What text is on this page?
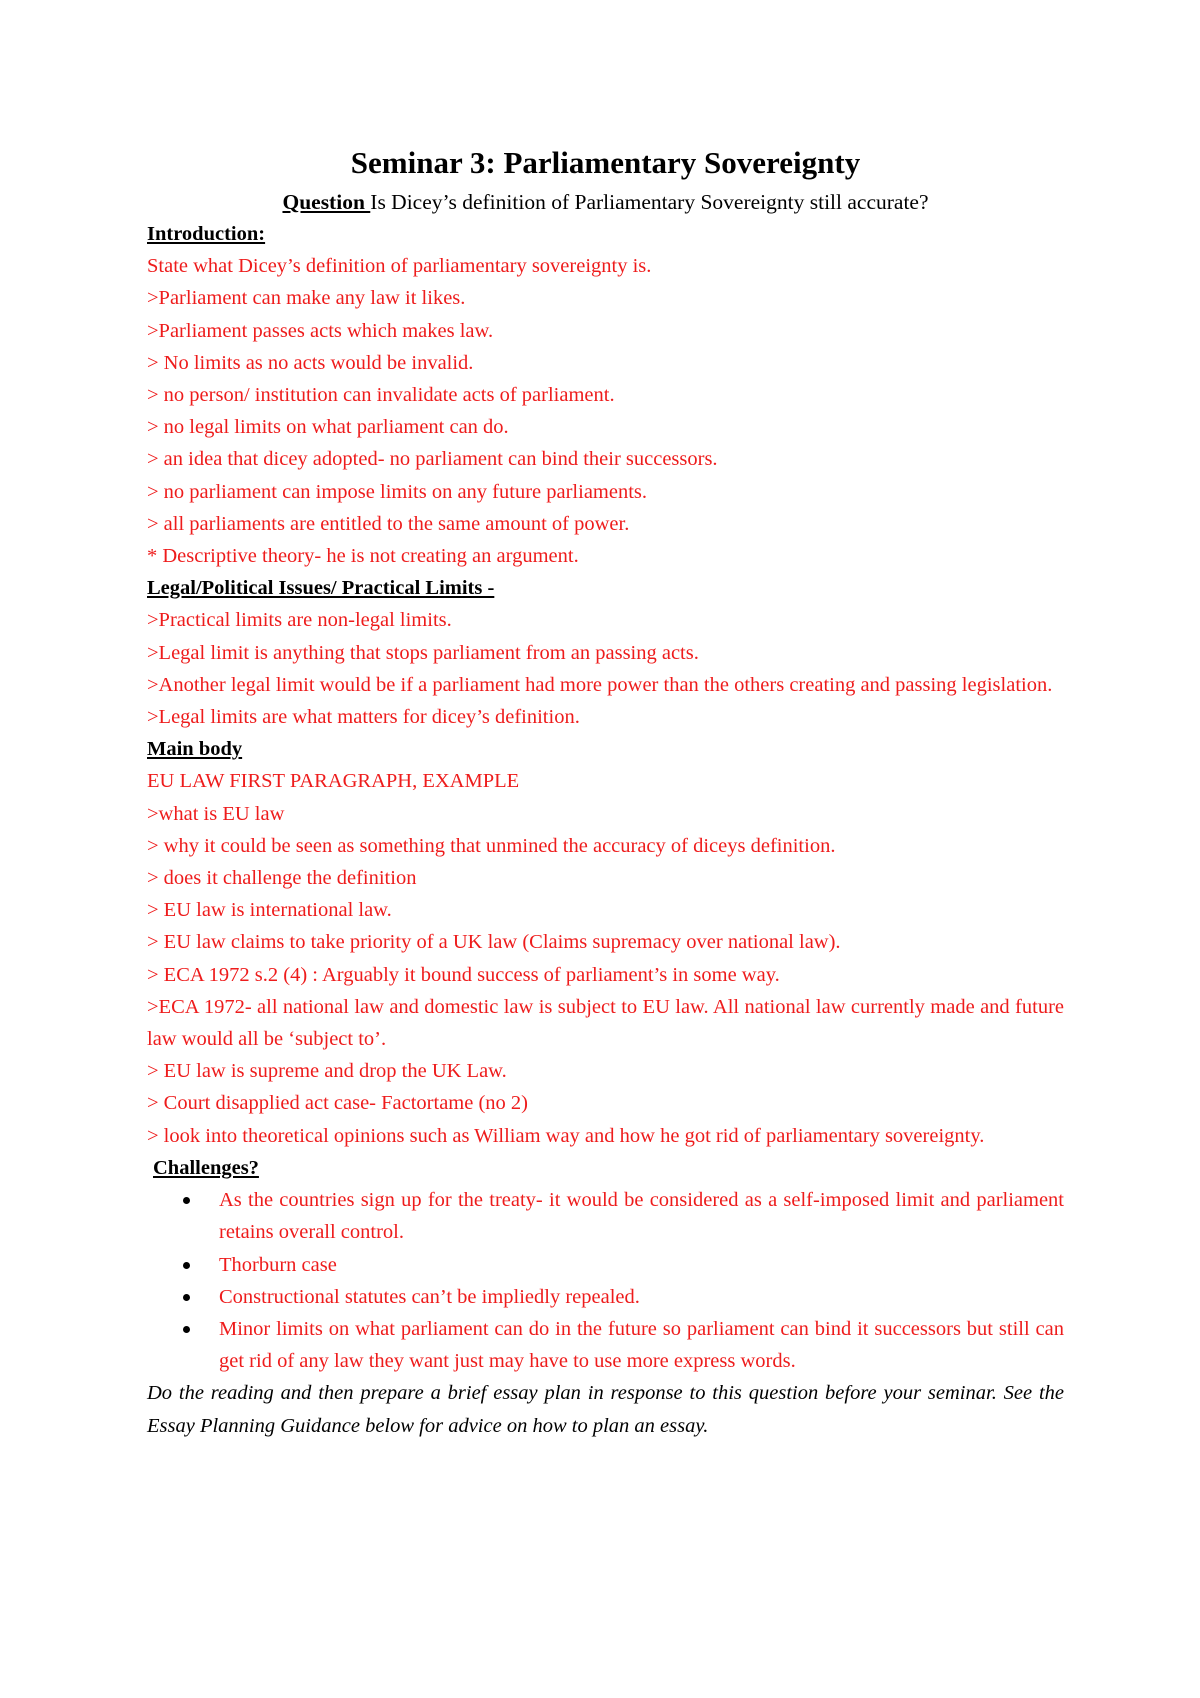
Seminar 3: Parliamentary Sovereignty
Question Is Dicey’s definition of Parliamentary Sovereignty still accurate?
Introduction:
State what Dicey’s definition of parliamentary sovereignty is.
>Parliament can make any law it likes.
>Parliament passes acts which makes law.
> No limits as no acts would be invalid.
> no person/ institution can invalidate acts of parliament.
> no legal limits on what parliament can do.
> an idea that dicey adopted- no parliament can bind their successors.
> no parliament can impose limits on any future parliaments.
> all parliaments are entitled to the same amount of power.
* Descriptive theory- he is not creating an argument.
Legal/Political Issues/ Practical Limits -
>Practical limits are non-legal limits.
>Legal limit is anything that stops parliament from an passing acts.
>Another legal limit would be if a parliament had more power than the others creating and passing legislation.
>Legal limits are what matters for dicey’s definition.
Main body
EU LAW FIRST PARAGRAPH, EXAMPLE
>what is EU law
> why it could be seen as something that unmined the accuracy of diceys definition.
> does it challenge the definition
> EU law is international law.
> EU law claims to take priority of a UK law (Claims supremacy over national law).
> ECA 1972 s.2 (4) : Arguably it bound success of parliament’s in some way.
>ECA 1972- all national law and domestic law is subject to EU law. All national law currently made and future law would all be ‘subject to’.
> EU law is supreme and drop the UK Law.
> Court disapplied act case- Factortame (no 2)
> look into theoretical opinions such as William way and how he got rid of parliamentary sovereignty.
Challenges?
As the countries sign up for the treaty- it would be considered as a self-imposed limit and parliament retains overall control.
Thorburn case
Constructional statutes can’t be impliedly repealed.
Minor limits on what parliament can do in the future so parliament can bind it successors but still can get rid of any law they want just may have to use more express words.
Do the reading and then prepare a brief essay plan in response to this question before your seminar. See the Essay Planning Guidance below for advice on how to plan an essay.
